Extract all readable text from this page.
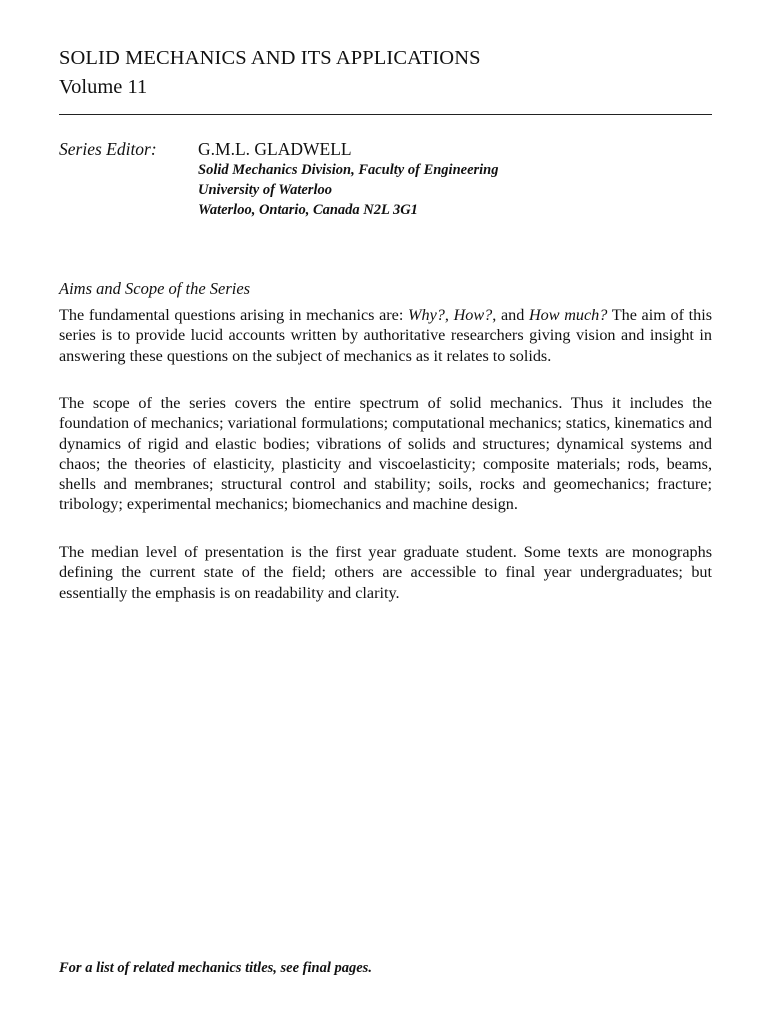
SOLID MECHANICS AND ITS APPLICATIONS
Volume 11
Series Editor: G.M.L. GLADWELL
Solid Mechanics Division, Faculty of Engineering
University of Waterloo
Waterloo, Ontario, Canada N2L 3G1
Aims and Scope of the Series

The fundamental questions arising in mechanics are: Why?, How?, and How much? The aim of this series is to provide lucid accounts written by authoritative researchers giving vision and insight in answering these questions on the subject of mechanics as it relates to solids.

The scope of the series covers the entire spectrum of solid mechanics. Thus it includes the foundation of mechanics; variational formulations; computational mechanics; statics, kinematics and dynamics of rigid and elastic bodies; vibrations of solids and structures; dynamical systems and chaos; the theories of elasticity, plasticity and viscoelasticity; composite materials; rods, beams, shells and membranes; structural control and stability; soils, rocks and geomechanics; fracture; tribology; experimental mechanics; biomechanics and machine design.

The median level of presentation is the first year graduate student. Some texts are monographs defining the current state of the field; others are accessible to final year undergraduates; but essentially the emphasis is on readability and clarity.

For a list of related mechanics titles, see final pages.
